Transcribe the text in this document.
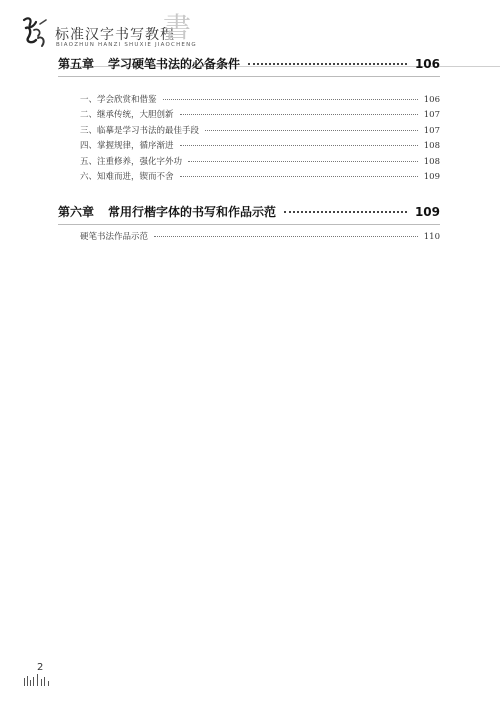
标准汉字书写教程
BIAOZHUN HANZI SHUXIE JIAOCHENG
書
第五章 学习硬笔书法的必备条件	106
一、学会欣赏和借鉴	106
二、继承传统，大胆创新	107
三、临摹是学习书法的最佳手段	107
四、掌握规律，循序渐进	108
五、注重修养，强化字外功	108
六、知难而进，锲而不舍	109
第六章 常用行楷字体的书写和作品示范	109
硬笔书法作品示范	110
2
